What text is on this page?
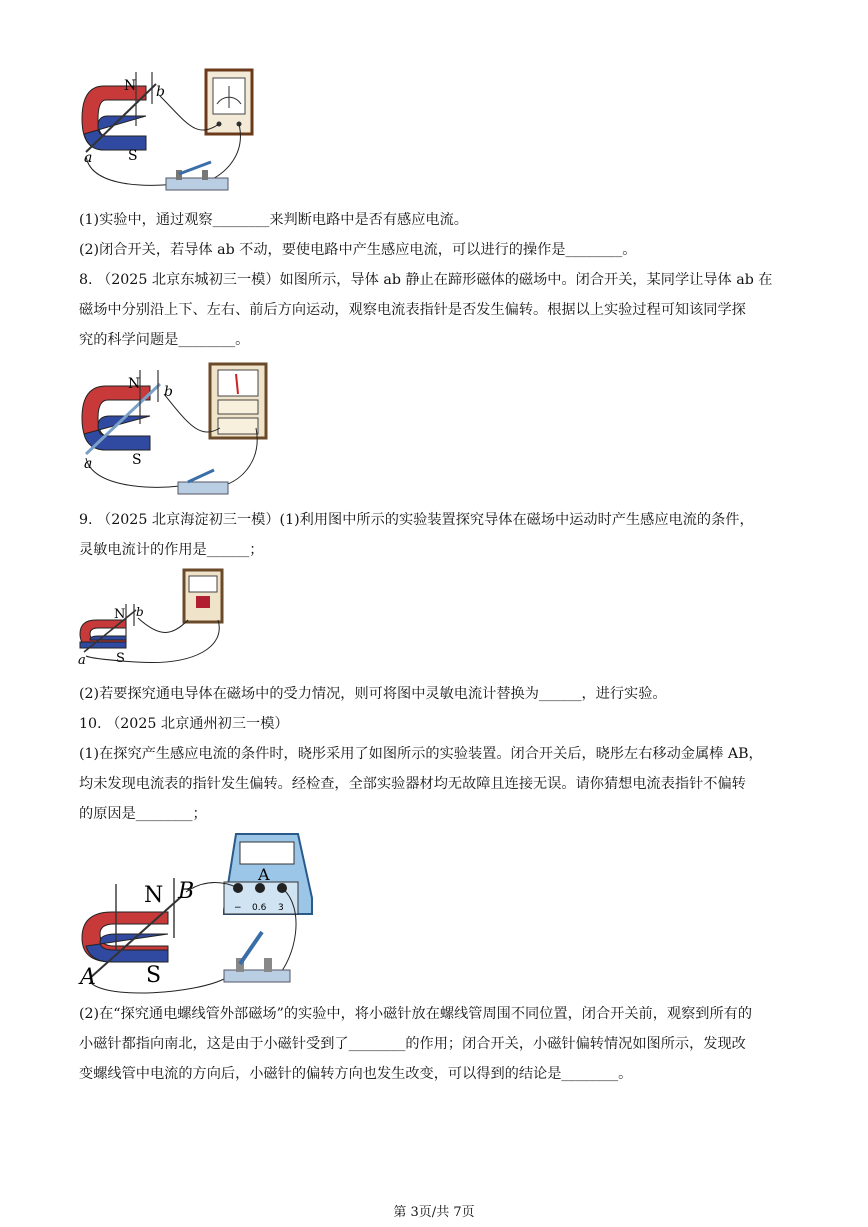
N b
a	S
(1)实验中，通过观察________来判断电路中是否有感应电流。
(2)闭合开关，若导体 ab 不动，要使电路中产生感应电流，可以进行的操作是________。
8. （2025 北京东城初三一模）如图所示，导体 ab 静止在蹄形磁体的磁场中。闭合开关，某同学让导体 ab 在
磁场中分别沿上下、左右、前后方向运动，观察电流表指针是否发生偏转。根据以上实验过程可知该同学探
究的科学问题是________。
N b
a	S
9. （2025 北京海淀初三一模）(1)利用图中所示的实验装置探究导体在磁场中运动时产生感应电流的条件，
灵敏电流计的作用是______；
N b
a S
(2)若要探究通电导体在磁场中的受力情况，则可将图中灵敏电流计替换为______，进行实验。
10. （2025 北京通州初三一模）
(1)在探究产生感应电流的条件时，晓彤采用了如图所示的实验装置。闭合开关后，晓彤左右移动金属棒 AB，
均未发现电流表的指针发生偏转。经检查，全部实验器材均无故障且连接无误。请你猜想电流表指针不偏转
的原因是________；
N B
A S
A
− 0.6 3
(2)在“探究通电螺线管外部磁场”的实验中，将小磁针放在螺线管周围不同位置，闭合开关前，观察到所有的
小磁针都指向南北，这是由于小磁针受到了________的作用；闭合开关，小磁针偏转情况如图所示，发现改
变螺线管中电流的方向后，小磁针的偏转方向也发生改变，可以得到的结论是________。
第 3页/共 7页
